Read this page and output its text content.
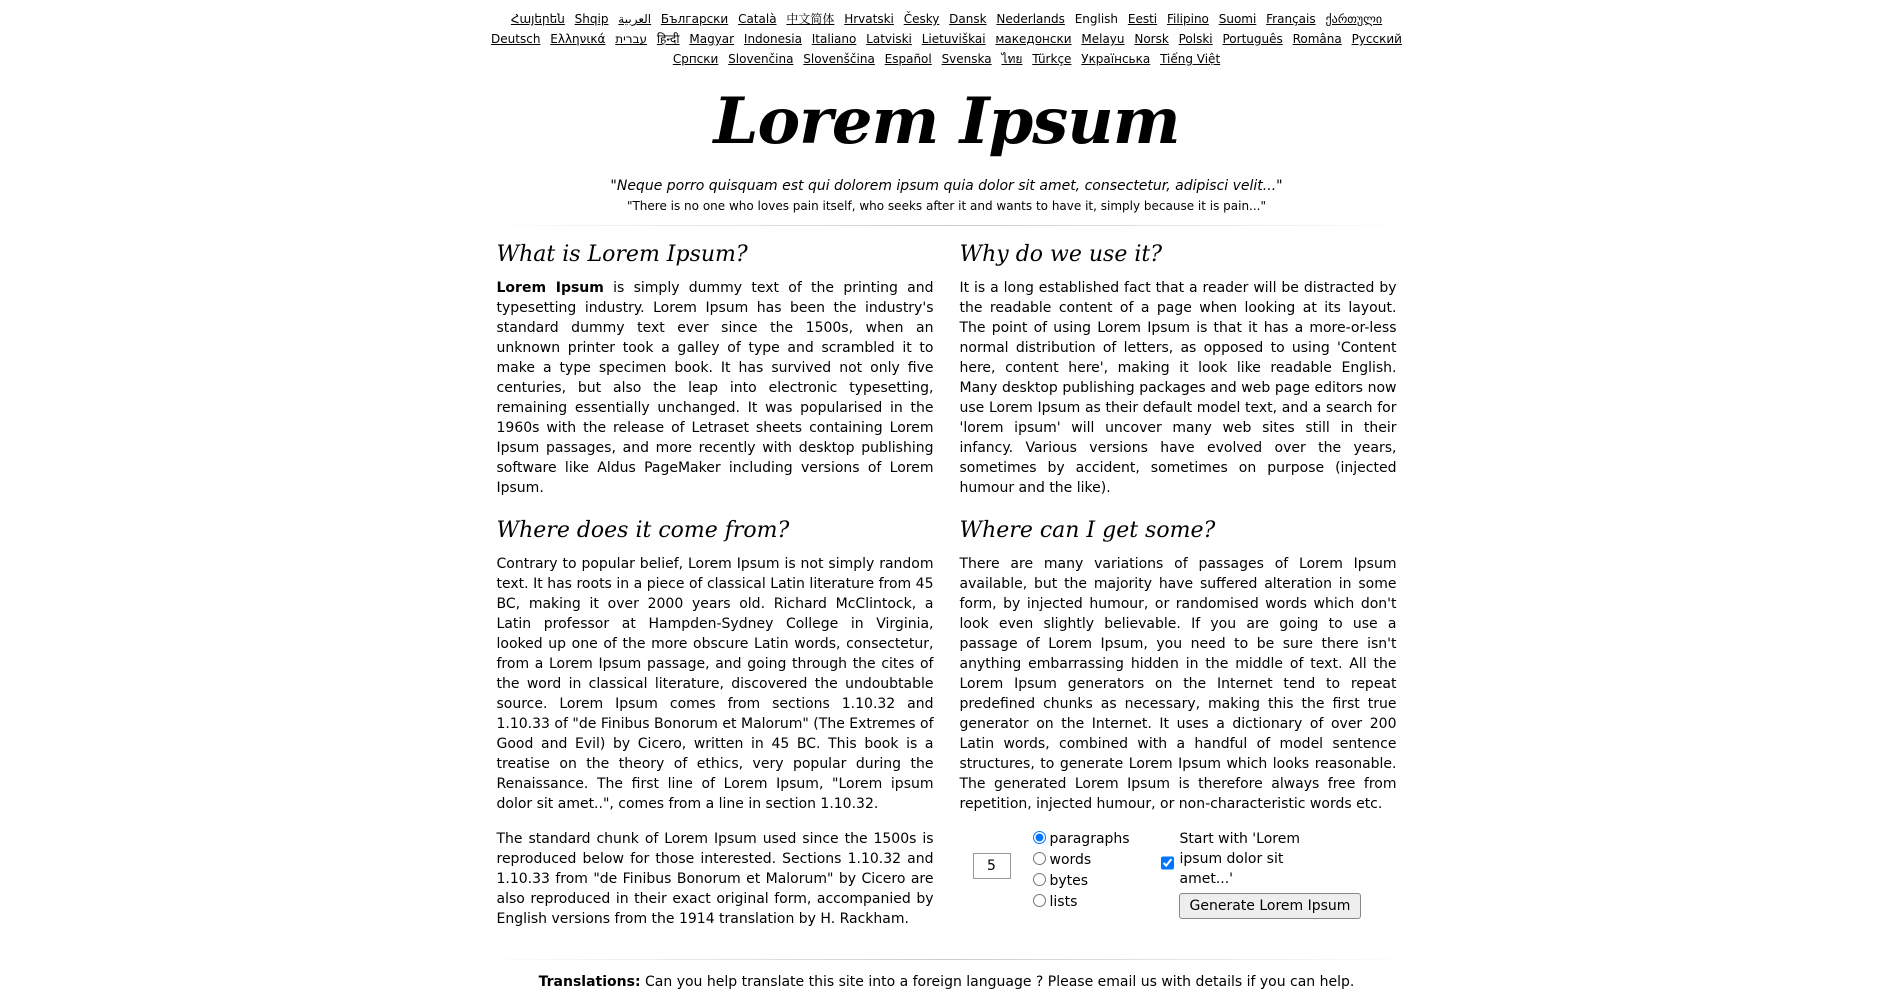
Հայերեն Shqip العربية Български Català 中文简体 Hrvatski Česky Dansk Nederlands English Eesti Filipino Suomi Français ქართული Deutsch Ελληνικά עברית हिन्दी Magyar Indonesia Italiano Latviski Lietuviškai македонски Melayu Norsk Polski Português Româna Pyccкий Српски Slovenčina Slovenščina Español Svenska ไทย Türkçe Українська Tiếng Việt
Lorem Ipsum
"Neque porro quisquam est qui dolorem ipsum quia dolor sit amet, consectetur, adipisci velit..."
"There is no one who loves pain itself, who seeks after it and wants to have it, simply because it is pain..."
What is Lorem Ipsum?

Lorem Ipsum is simply dummy text of the printing and typesetting industry. Lorem Ipsum has been the industry's standard dummy text ever since the 1500s, when an unknown printer took a galley of type and scrambled it to make a type specimen book. It has survived not only five centuries, but also the leap into electronic typesetting, remaining essentially unchanged. It was popularised in the 1960s with the release of Letraset sheets containing Lorem Ipsum passages, and more recently with desktop publishing software like Aldus PageMaker including versions of Lorem Ipsum.

Where does it come from?

Contrary to popular belief, Lorem Ipsum is not simply random text. It has roots in a piece of classical Latin literature from 45 BC, making it over 2000 years old. Richard McClintock, a Latin professor at Hampden-Sydney College in Virginia, looked up one of the more obscure Latin words, consectetur, from a Lorem Ipsum passage, and going through the cites of the word in classical literature, discovered the undoubtable source. Lorem Ipsum comes from sections 1.10.32 and 1.10.33 of "de Finibus Bonorum et Malorum" (The Extremes of Good and Evil) by Cicero, written in 45 BC. This book is a treatise on the theory of ethics, very popular during the Renaissance. The first line of Lorem Ipsum, "Lorem ipsum dolor sit amet..", comes from a line in section 1.10.32.

The standard chunk of Lorem Ipsum used since the 1500s is reproduced below for those interested. Sections 1.10.32 and 1.10.33 from "de Finibus Bonorum et Malorum" by Cicero are also reproduced in their exact original form, accompanied by English versions from the 1914 translation by H. Rackham.

Why do we use it?

It is a long established fact that a reader will be distracted by the readable content of a page when looking at its layout. The point of using Lorem Ipsum is that it has a more-or-less normal distribution of letters, as opposed to using 'Content here, content here', making it look like readable English. Many desktop publishing packages and web page editors now use Lorem Ipsum as their default model text, and a search for 'lorem ipsum' will uncover many web sites still in their infancy. Various versions have evolved over the years, sometimes by accident, sometimes on purpose (injected humour and the like).

Where can I get some?

There are many variations of passages of Lorem Ipsum available, but the majority have suffered alteration in some form, by injected humour, or randomised words which don't look even slightly believable. If you are going to use a passage of Lorem Ipsum, you need to be sure there isn't anything embarrassing hidden in the middle of text. All the Lorem Ipsum generators on the Internet tend to repeat predefined chunks as necessary, making this the first true generator on the Internet. It uses a dictionary of over 200 Latin words, combined with a handful of model sentence structures, to generate Lorem Ipsum which looks reasonable. The generated Lorem Ipsum is therefore always free from repetition, injected humour, or non-characteristic words etc.

5
paragraphs
words
bytes
lists
Start with 'Lorem ipsum dolor sit amet...'
Generate Lorem Ipsum
Translations: Can you help translate this site into a foreign language ? Please email us with details if you can help.
